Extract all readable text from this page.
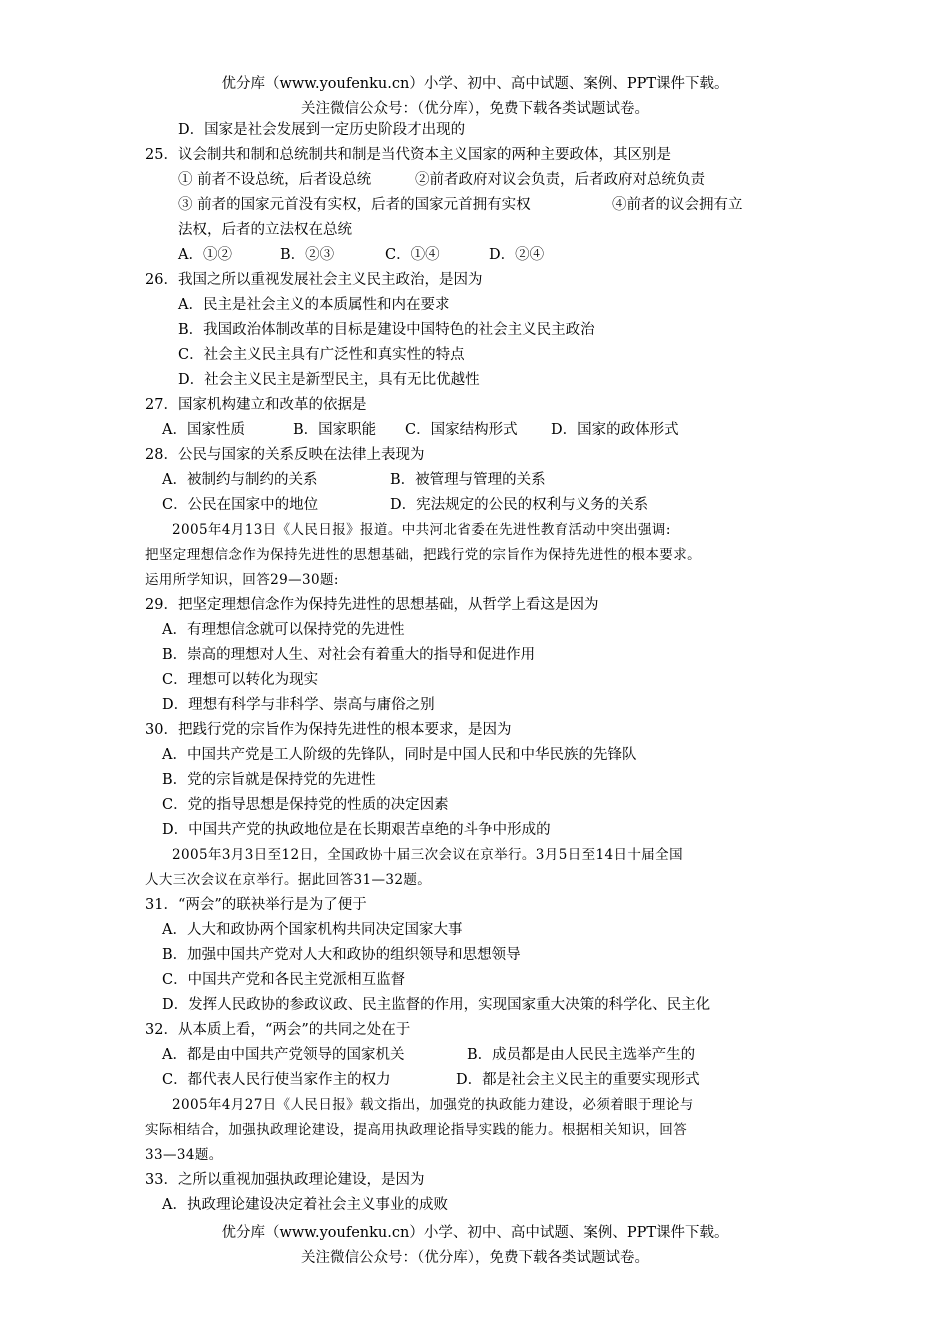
优分库（www.youfenku.cn）小学、初中、高中试题、案例、PPT课件下载。
关注微信公众号：（优分库），免费下载各类试题试卷。
D．国家是社会发展到一定历史阶段才出现的
25．议会制共和制和总统制共和制是当代资本主义国家的两种主要政体，其区别是
① 前者不设总统，后者设总统	②前者政府对议会负责，后者政府对总统负责
③ 前者的国家元首没有实权，后者的国家元首拥有实权	④前者的议会拥有立
法权，后者的立法权在总统
A．①②	B．②③	C．①④	D．②④
26．我国之所以重视发展社会主义民主政治，是因为
A．民主是社会主义的本质属性和内在要求
B．我国政治体制改革的目标是建设中国特色的社会主义民主政治
C．社会主义民主具有广泛性和真实性的特点
D．社会主义民主是新型民主，具有无比优越性
27．国家机构建立和改革的依据是
A．国家性质	B．国家职能 C．国家结构形式 D．国家的政体形式
28．公民与国家的关系反映在法律上表现为
A．被制约与制约的关系	B．被管理与管理的关系
C．公民在国家中的地位	D．宪法规定的公民的权利与义务的关系
2005年4月13日《人民日报》报道。中共河北省委在先进性教育活动中突出强调:
把坚定理想信念作为保持先进性的思想基础，把践行党的宗旨作为保持先进性的根本要求。
运用所学知识，回答29—30题:
29．把坚定理想信念作为保持先进性的思想基础，从哲学上看这是因为
A．有理想信念就可以保持党的先进性
B．崇高的理想对人生、对社会有着重大的指导和促进作用
C．理想可以转化为现实
D．理想有科学与非科学、崇高与庸俗之别
30．把践行党的宗旨作为保持先进性的根本要求，是因为
A．中国共产党是工人阶级的先锋队，同时是中国人民和中华民族的先锋队
B．党的宗旨就是保持党的先进性
C．党的指导思想是保持党的性质的决定因素
D．中国共产党的执政地位是在长期艰苦卓绝的斗争中形成的
2005年3月3日至12日，全国政协十届三次会议在京举行。3月5日至14日十届全国
人大三次会议在京举行。据此回答31—32题。
31．“两会”的联袂举行是为了便于
A．人大和政协两个国家机构共同决定国家大事
B．加强中国共产党对人大和政协的组织领导和思想领导
C．中国共产党和各民主党派相互监督
D．发挥人民政协的参政议政、民主监督的作用，实现国家重大决策的科学化、民主化
32．从本质上看，“两会”的共同之处在于
A．都是由中国共产党领导的国家机关	B．成员都是由人民民主选举产生的
C．都代表人民行使当家作主的权力	D．都是社会主义民主的重要实现形式
2005年4月27日《人民日报》载文指出，加强党的执政能力建设，必须着眼于理论与
实际相结合，加强执政理论建设，提高用执政理论指导实践的能力。根据相关知识，回答
33—34题。
33．之所以重视加强执政理论建设，是因为
A．执政理论建设决定着社会主义事业的成败
优分库（www.youfenku.cn）小学、初中、高中试题、案例、PPT课件下载。
关注微信公众号：（优分库），免费下载各类试题试卷。
